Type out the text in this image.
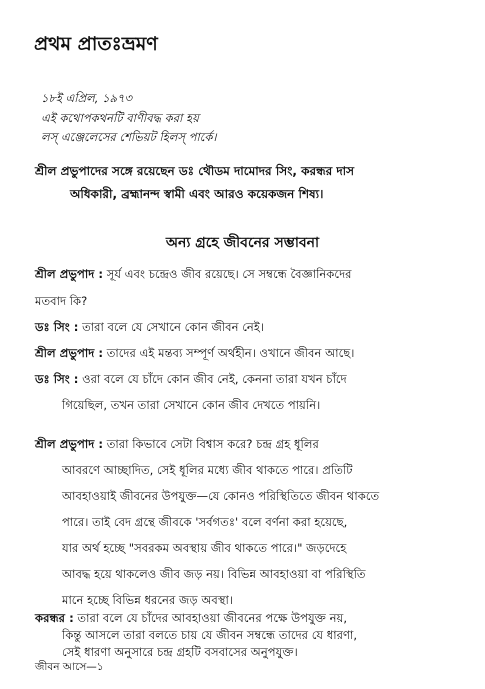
প্রথম প্রাতঃভ্রমণ
১৮ই এপ্রিল, ১৯৭৩
এই কথোপকথনটি বাণীবদ্ধ করা হয়
লস্ এঞ্জেলেসের শেভিয়ট হিলস্ পার্কে।
শ্রীল প্রভুপাদের সঙ্গে রয়েছেন ডঃ থৌডম দামোদর সিং, করন্ধর দাস
অধিকারী, ব্রহ্মানন্দ স্বামী এবং আরও কয়েকজন শিষ্য।
অন্য গ্রহে জীবনের সম্ভাবনা
শ্রীল প্রভুপাদ : সূর্য এবং চন্দ্রেও জীব রয়েছে। সে সম্বন্ধে বৈজ্ঞানিকদের
মতবাদ কি?
ডঃ সিং : তারা বলে যে সেখানে কোন জীবন নেই।
শ্রীল প্রভুপাদ : তাদের এই মন্তব্য সম্পূর্ণ অর্থহীন। ওখানে জীবন আছে।
ডঃ সিং : ওরা বলে যে চাঁদে কোন জীব নেই, কেননা তারা যখন চাঁদে
গিয়েছিল, তখন তারা সেখানে কোন জীব দেখতে পায়নি।
শ্রীল প্রভুপাদ : তারা কিভাবে সেটা বিশ্বাস করে? চন্দ্র গ্রহ ধূলির
আবরণে আচ্ছাদিত, সেই ধূলির মধ্যে জীব থাকতে পারে। প্রতিটি
আবহাওয়াই জীবনের উপযুক্ত—যে কোনও পরিস্থিতিতে জীবন থাকতে
পারে। তাই বেদ গ্রন্থে জীবকে 'সর্বগতঃ' বলে বর্ণনা করা হয়েছে,
যার অর্থ হচ্ছে "সবরকম অবস্থায় জীব থাকতে পারে।" জড়দেহে
আবদ্ধ হয়ে থাকলেও জীব জড় নয়। বিভিন্ন আবহাওয়া বা পরিস্থিতি
মানে হচ্ছে বিভিন্ন ধরনের জড় অবস্থা।
করন্ধর : তারা বলে যে চাঁদের আবহাওয়া জীবনের পক্ষে উপযুক্ত নয়,
কিন্তু আসলে তারা বলতে চায় যে জীবন সম্বন্ধে তাদের যে ধারণা,
সেই ধারণা অনুসারে চন্দ্র গ্রহটি বসবাসের অনুপযুক্ত।
জীবন আসে—১
